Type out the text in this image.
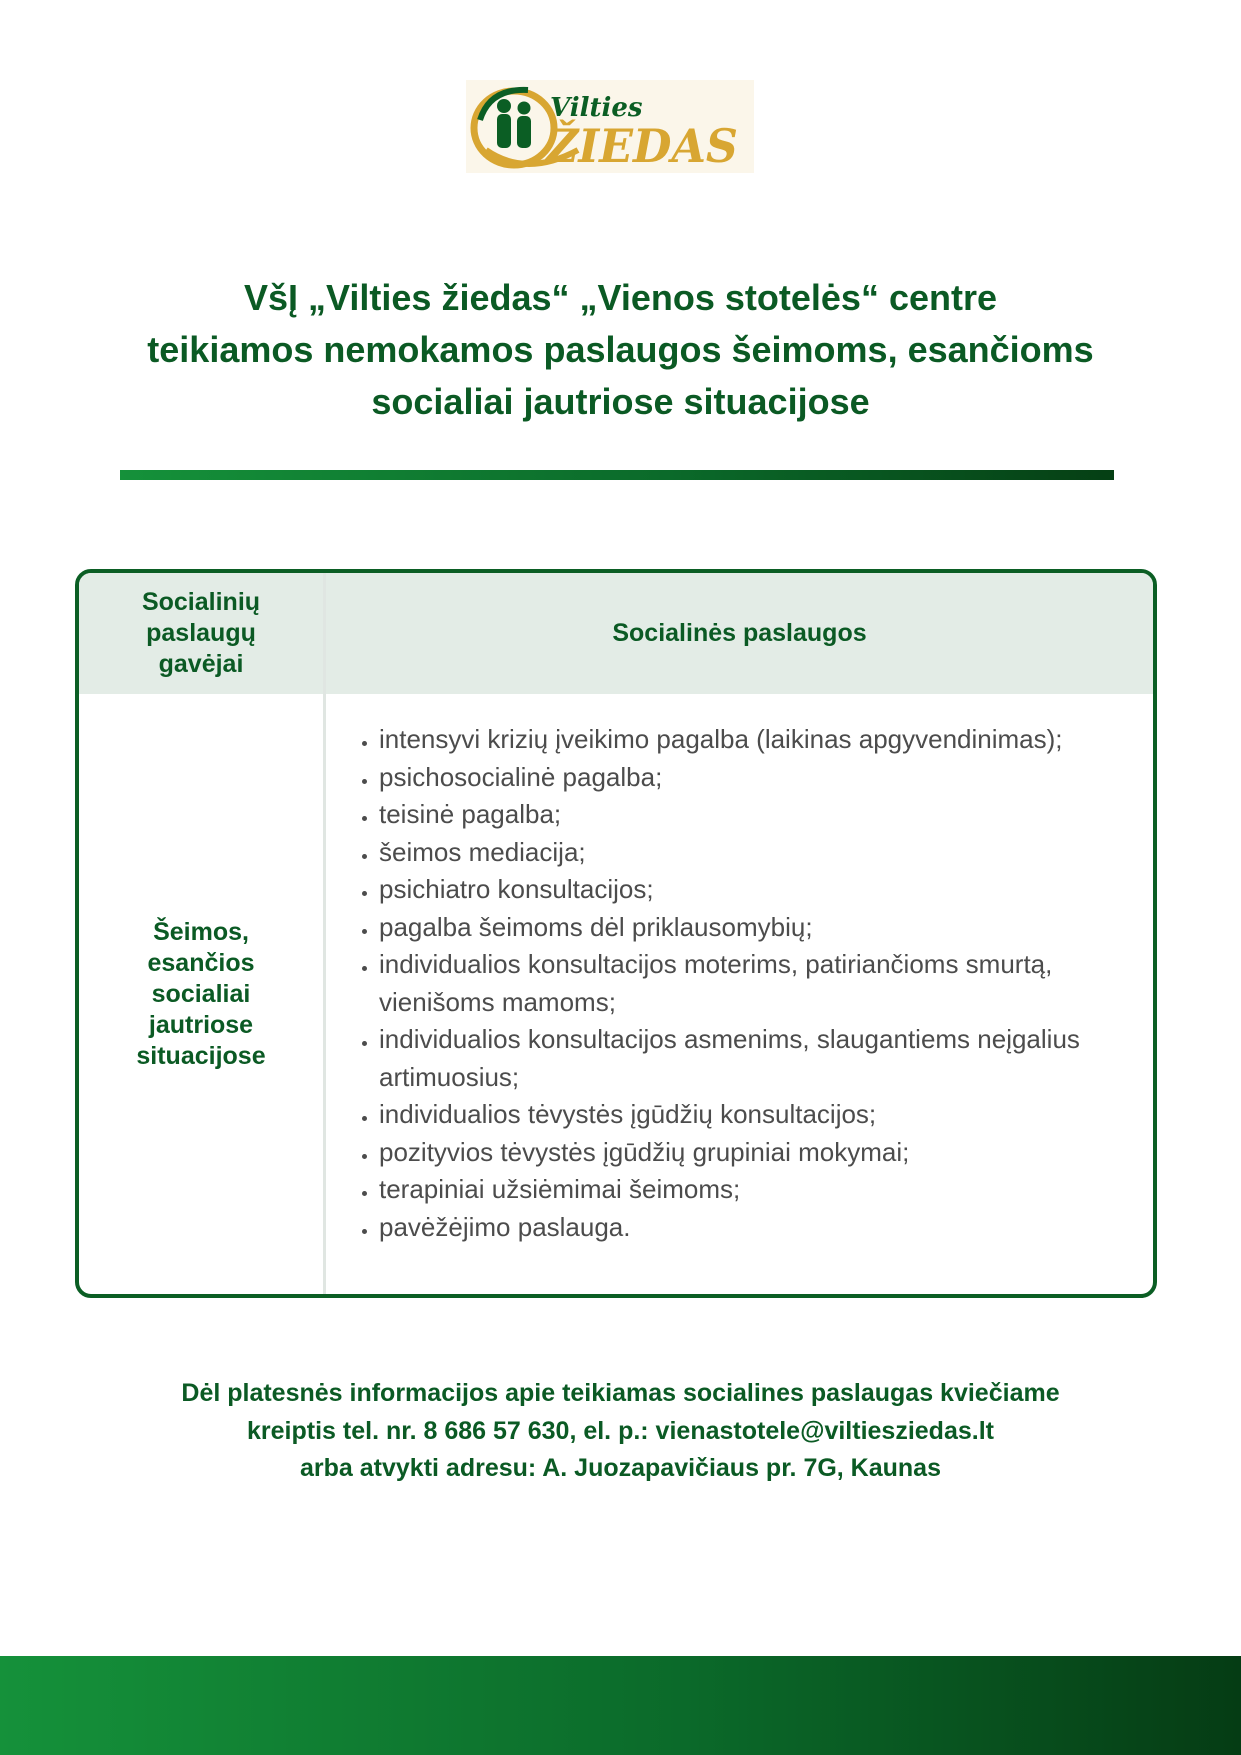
Vilties
ŽIEDAS
VšĮ „Vilties žiedas“ „Vienos stotelės“ centre
teikiamos nemokamos paslaugos šeimoms, esančioms
socialiai jautriose situacijose
Socialinių paslaugų gavėjai
Socialinės paslaugos
Šeimos, esančios socialiai jautriose situacijose
• intensyvi krizių įveikimo pagalba (laikinas apgyvendinimas);
• psichosocialinė pagalba;
• teisinė pagalba;
• šeimos mediacija;
• psichiatro konsultacijos;
• pagalba šeimoms dėl priklausomybių;
• individualios konsultacijos moterims, patiriančioms smurtą, vienišoms mamoms;
• individualios konsultacijos asmenims, slaugantiems neįgalius artimuosius;
• individualios tėvystės įgūdžių konsultacijos;
• pozityvios tėvystės įgūdžių grupiniai mokymai;
• terapiniai užsiėmimai šeimoms;
• pavėžėjimo paslauga.
Dėl platesnės informacijos apie teikiamas socialines paslaugas kviečiame
kreiptis tel. nr. 8 686 57 630, el. p.: vienastotele@viltiesziedas.lt
arba atvykti adresu: A. Juozapavičiaus pr. 7G, Kaunas
